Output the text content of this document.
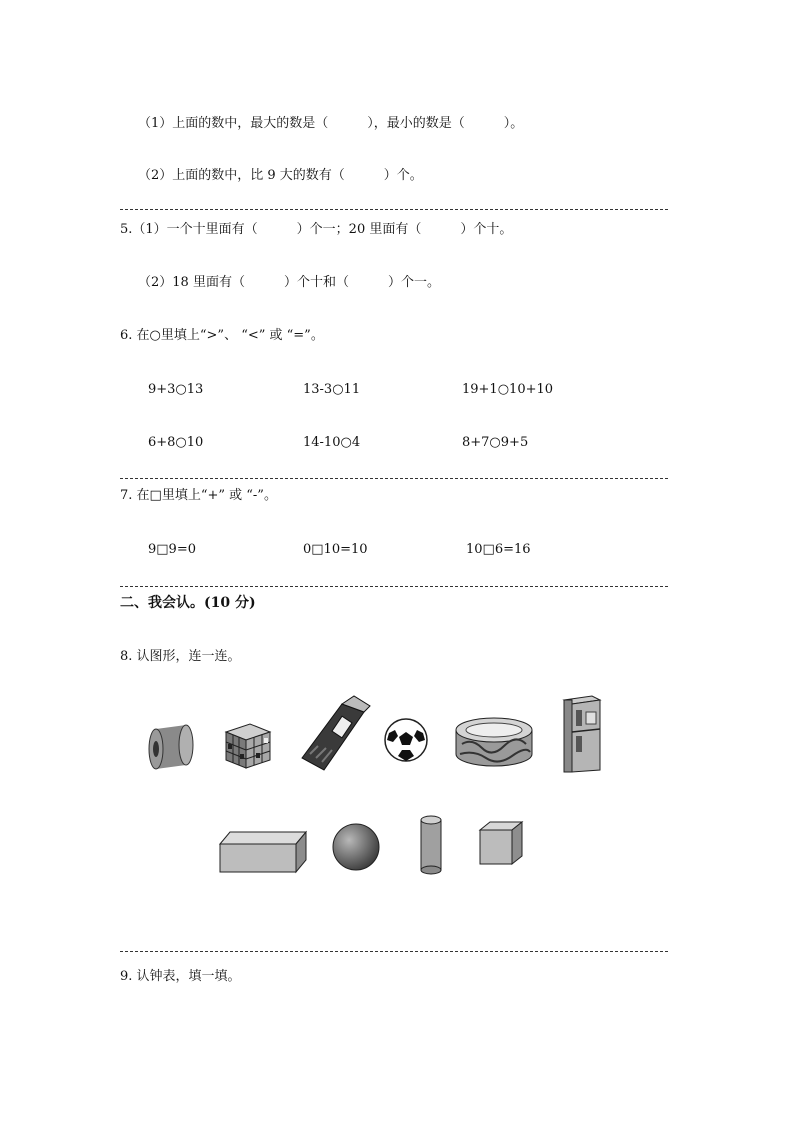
（1）上面的数中，最大的数是（　　　），最小的数是（　　　）。
（2）上面的数中，比 9 大的数有（　　　）个。
5.（1）一个十里面有（　　　）个一；20 里面有（　　　）个十。
（2）18 里面有（　　　）个十和（　　　）个一。
6. 在○里填上“>”、 “<” 或 “=”。
9+3○13	13-3○11	19+1○10+10
6+8○10	14-10○4	8+7○9+5
7. 在□里填上“+” 或 “-”。
9□9=0	0□10=10	10□6=16
二、我会认。(10 分)
8. 认图形，连一连。
9. 认钟表，填一填。
